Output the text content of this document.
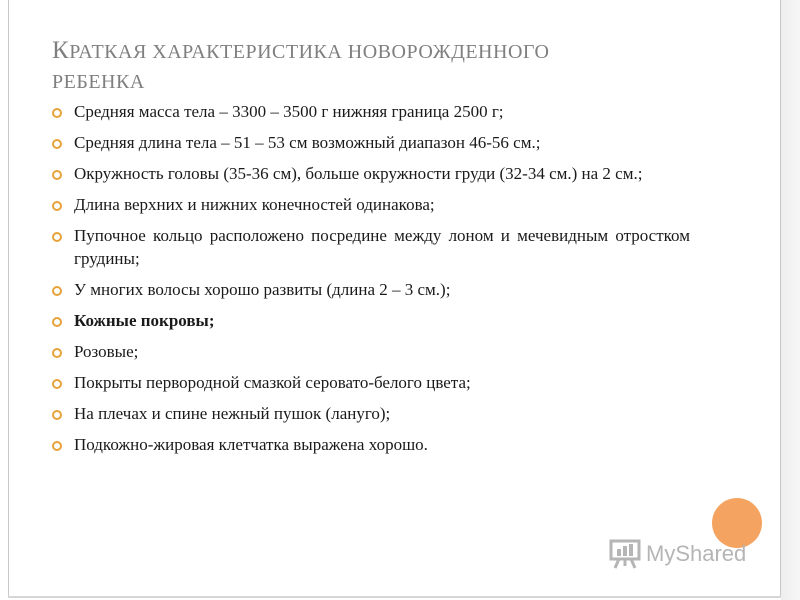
КРАТКАЯ ХАРАКТЕРИСТИКА НОВОРОЖДЕННОГО
РЕБЕНКА
Средняя масса тела – 3300 – 3500 г нижняя граница 2500 г;
Средняя длина тела – 51 – 53 см возможный диапазон 46-56 см.;
Окружность головы (35-36 см), больше окружности груди (32-34 см.) на 2 см.;
Длина верхних и нижних конечностей одинакова;
Пупочное кольцо расположено посредине между лоном и мечевидным отростком грудины;
У многих волосы хорошо развиты (длина 2 – 3 см.);
Кожные покровы;
Розовые;
Покрыты первородной смазкой серовато-белого цвета;
На плечах и спине нежный пушок (лануго);
Подкожно-жировая клетчатка выражена хорошо.
MyShared
